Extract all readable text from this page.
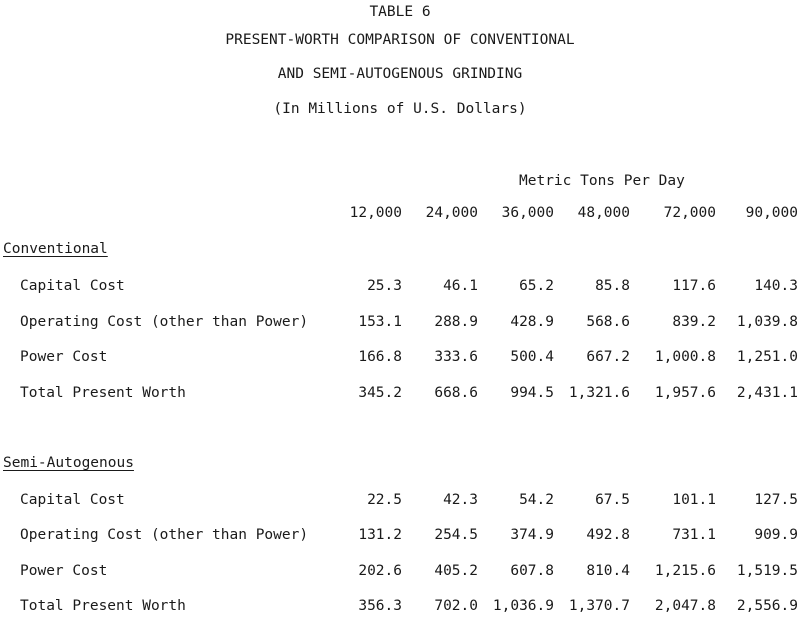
TABLE 6
PRESENT-WORTH COMPARISON OF CONVENTIONAL
AND SEMI-AUTOGENOUS GRINDING
(In Millions of U.S. Dollars)
Metric Tons Per Day
12,000	24,000	36,000	48,000	72,000	90,000
Conventional
Capital Cost	25.3	46.1	65.2	85.8	117.6	140.3
Operating Cost (other than Power)	153.1	288.9	428.9	568.6	839.2	1,039.8
Power Cost	166.8	333.6	500.4	667.2	1,000.8	1,251.0
Total Present Worth	345.2	668.6	994.5	1,321.6	1,957.6	2,431.1
Semi-Autogenous
Capital Cost	22.5	42.3	54.2	67.5	101.1	127.5
Operating Cost (other than Power)	131.2	254.5	374.9	492.8	731.1	909.9
Power Cost	202.6	405.2	607.8	810.4	1,215.6	1,519.5
Total Present Worth	356.3	702.0	1,036.9	1,370.7	2,047.8	2,556.9
